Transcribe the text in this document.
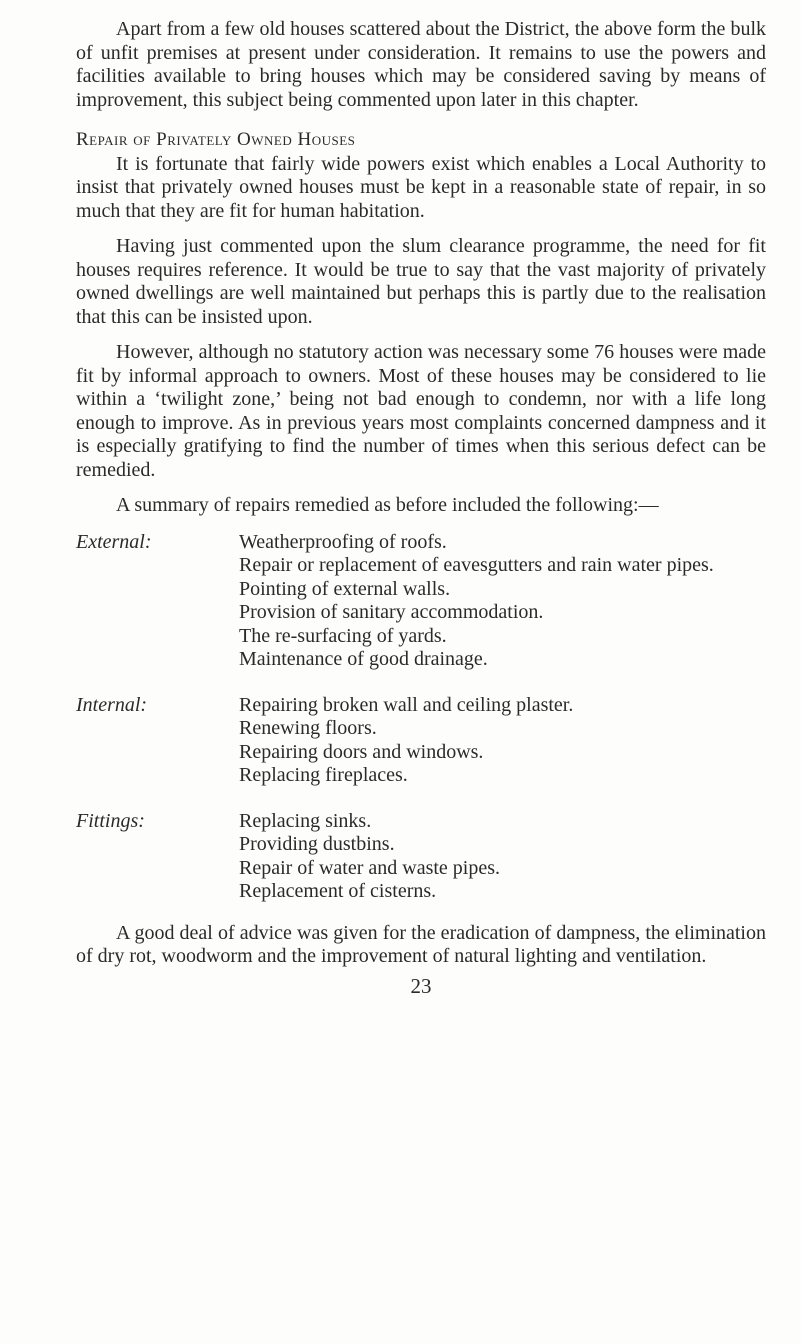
Apart from a few old houses scattered about the District, the above form the bulk of unfit premises at present under consideration. It remains to use the powers and facilities available to bring houses which may be considered saving by means of improvement, this subject being commented upon later in this chapter.

Repair of Privately Owned Houses

It is fortunate that fairly wide powers exist which enables a Local Authority to insist that privately owned houses must be kept in a reasonable state of repair, in so much that they are fit for human habitation.

Having just commented upon the slum clearance programme, the need for fit houses requires reference. It would be true to say that the vast majority of privately owned dwellings are well maintained but perhaps this is partly due to the realisation that this can be insisted upon.

However, although no statutory action was necessary some 76 houses were made fit by informal approach to owners. Most of these houses may be considered to lie within a ‘twilight zone,’ being not bad enough to condemn, nor with a life long enough to improve. As in previous years most complaints concerned dampness and it is especially gratifying to find the number of times when this serious defect can be remedied.

A summary of repairs remedied as before included the following:—

External:	Weatherproofing of roofs.
Repair or replacement of eavesgutters and rain water pipes.
Pointing of external walls.
Provision of sanitary accommodation.
The re-surfacing of yards.
Maintenance of good drainage.
Internal:	Repairing broken wall and ceiling plaster.
Renewing floors.
Repairing doors and windows.
Replacing fireplaces.
Fittings:	Replacing sinks.
Providing dustbins.
Repair of water and waste pipes.
Replacement of cisterns.

A good deal of advice was given for the eradication of dampness, the elimination of dry rot, woodworm and the improvement of natural lighting and ventilation.

23
